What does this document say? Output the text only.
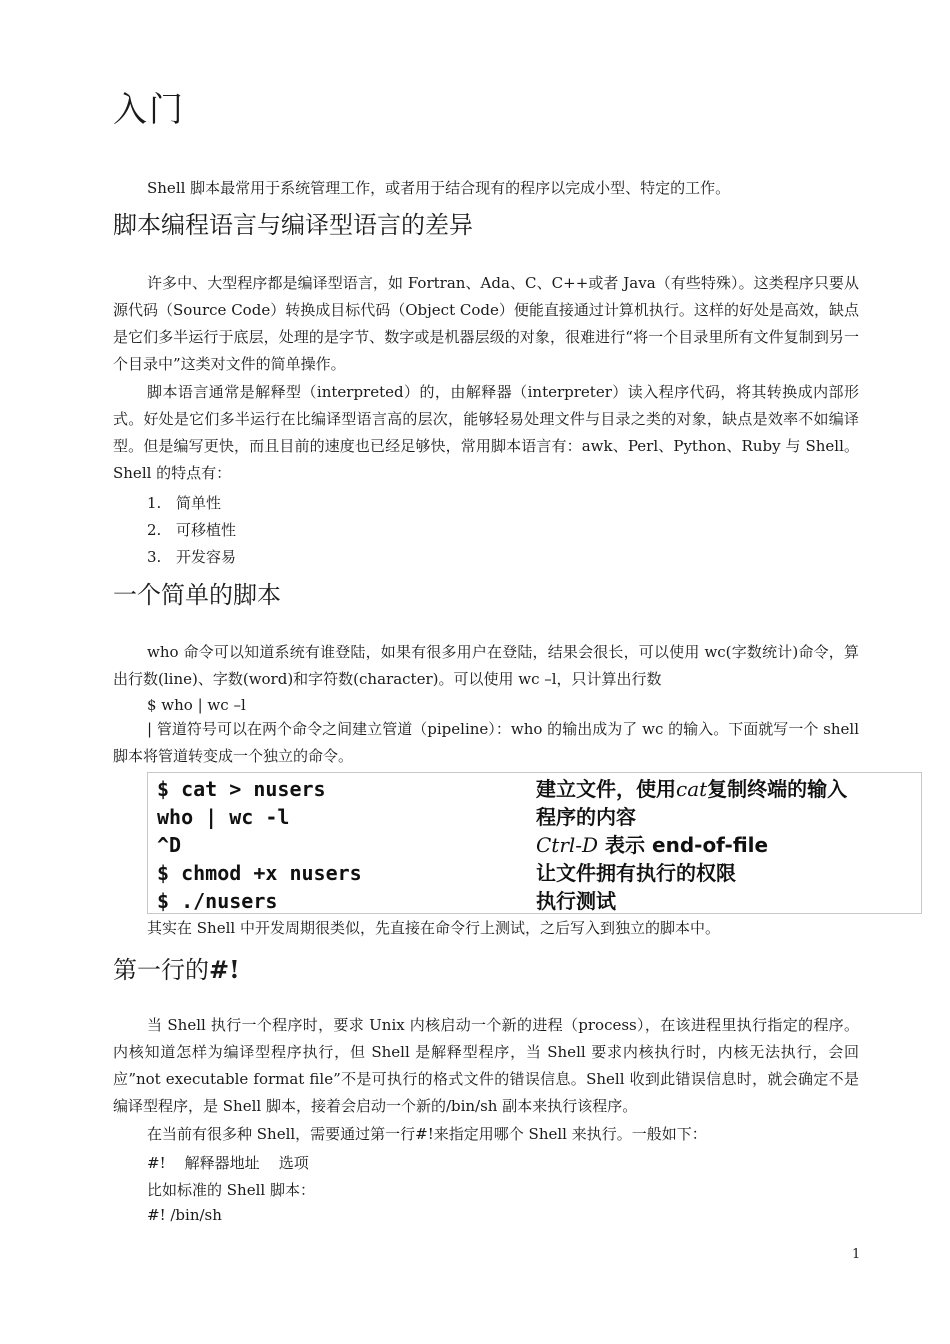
入门

Shell 脚本最常用于系统管理工作，或者用于结合现有的程序以完成小型、特定的工作。

脚本编程语言与编译型语言的差异

许多中、大型程序都是编译型语言，如 Fortran、Ada、C、C++或者 Java（有些特殊）。这类程序只要从源代码（Source Code）转换成目标代码（Object Code）便能直接通过计算机执行。这样的好处是高效，缺点是它们多半运行于底层，处理的是字节、数字或是机器层级的对象，很难进行“将一个目录里所有文件复制到另一个目录中”这类对文件的简单操作。

脚本语言通常是解释型（interpreted）的，由解释器（interpreter）读入程序代码，将其转换成内部形式。好处是它们多半运行在比编译型语言高的层次，能够轻易处理文件与目录之类的对象，缺点是效率不如编译型。但是编写更快，而且目前的速度也已经足够快，常用脚本语言有：awk、Perl、Python、Ruby 与 Shell。Shell 的特点有：

1. 简单性
2. 可移植性
3. 开发容易
一个简单的脚本

who 命令可以知道系统有谁登陆，如果有很多用户在登陆，结果会很长，可以使用 wc(字数统计)命令，算出行数(line)、字数(word)和字符数(character)。可以使用 wc –l，只计算出行数

$ who | wc –l

| 管道符号可以在两个命令之间建立管道（pipeline）：who 的输出成为了 wc 的输入。下面就写一个 shell 脚本将管道转变成一个独立的命令。

$ cat > nusers	建立文件，使用cat复制终端的输入
who | wc -l	程序的内容
^D	Ctrl-D 表示 end-of-file
$ chmod +x nusers	让文件拥有执行的权限
$ ./nusers	执行测试

其实在 Shell 中开发周期很类似，先直接在命令行上测试，之后写入到独立的脚本中。

第一行的#!

当 Shell 执行一个程序时，要求 Unix 内核启动一个新的进程（process），在该进程里执行指定的程序。内核知道怎样为编译型程序执行，但 Shell 是解释型程序，当 Shell 要求内核执行时，内核无法执行，会回应”not executable format file”不是可执行的格式文件的错误信息。Shell 收到此错误信息时，就会确定不是编译型程序，是 Shell 脚本，接着会启动一个新的/bin/sh 副本来执行该程序。

在当前有很多种 Shell，需要通过第一行#!来指定用哪个 Shell 来执行。一般如下：

#!    解释器地址    选项

比如标准的 Shell 脚本：

#! /bin/sh

1
